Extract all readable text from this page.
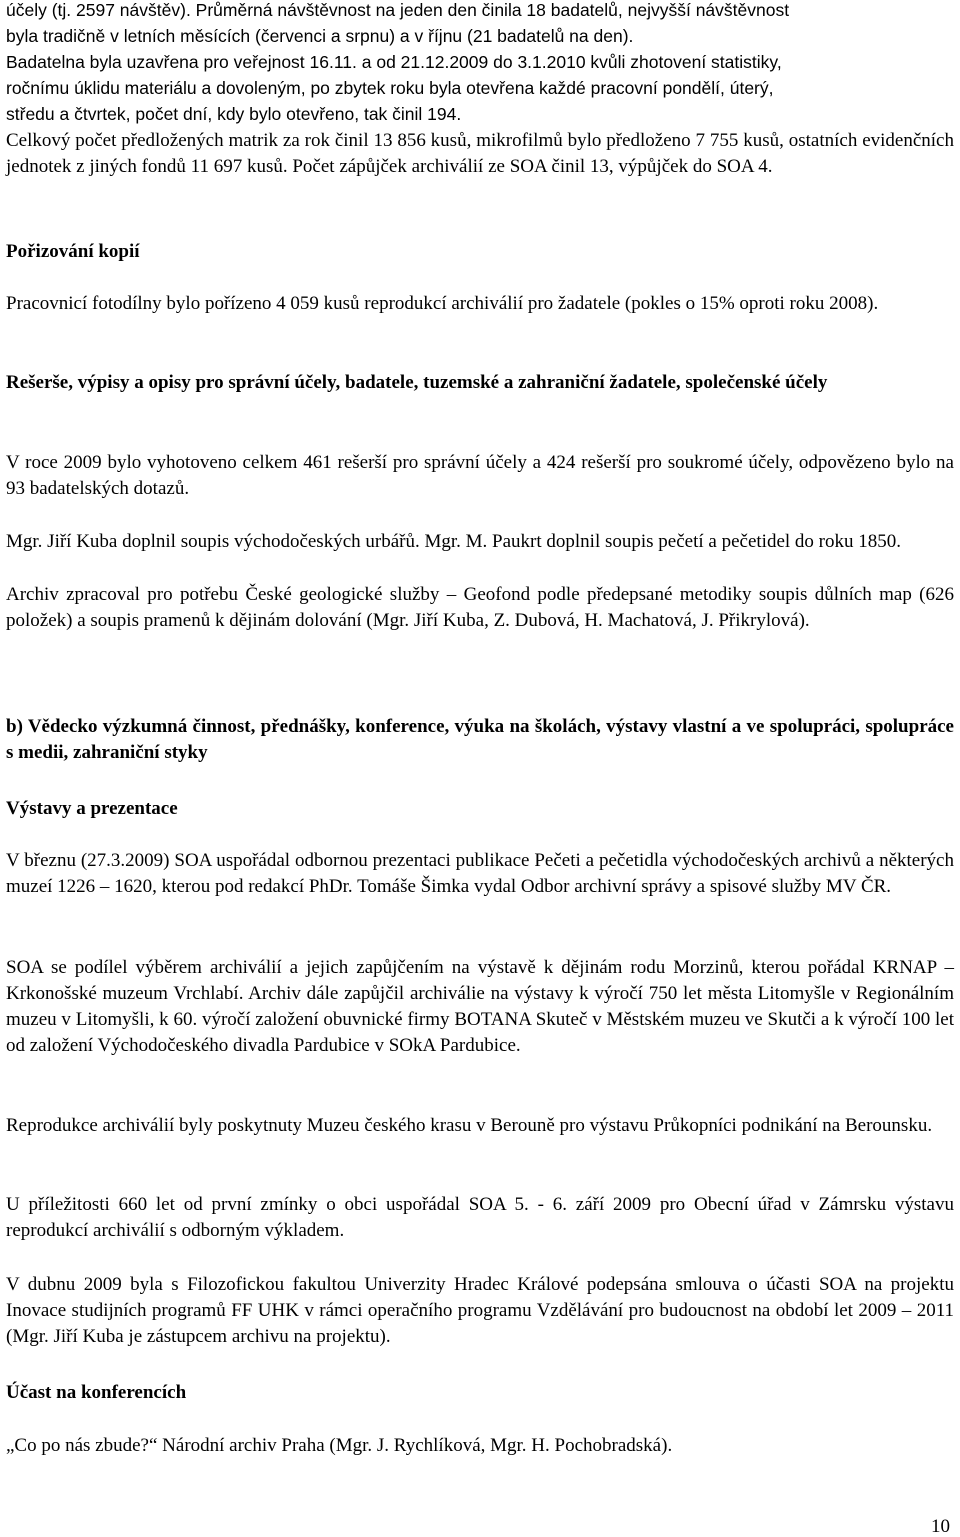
účely (tj. 2597 návštěv). Průměrná návštěvnost na jeden den činila 18 badatelů, nejvyšší návštěvnost
byla tradičně v letních měsících (červenci a srpnu) a v říjnu (21 badatelů na den).
Badatelna byla uzavřena pro veřejnost 16.11. a od 21.12.2009 do 3.1.2010 kvůli zhotovení statistiky,
ročnímu úklidu materiálu a dovoleným, po zbytek roku byla otevřena každé pracovní pondělí, úterý,
středu a čtvrtek, počet dní, kdy bylo otevřeno, tak činil 194.

Celkový počet předložených matrik za rok činil 13 856 kusů, mikrofilmů bylo předloženo 7 755 kusů, ostatních evidenčních jednotek z jiných fondů 11 697 kusů. Počet zápůjček archiválií ze SOA činil 13, výpůjček do SOA 4.

Pořizování kopií

Pracovnicí fotodílny bylo pořízeno 4 059 kusů reprodukcí archiválií pro žadatele (pokles o 15% oproti roku 2008).

Rešerše, výpisy a opisy pro správní účely, badatele, tuzemské a zahraniční žadatele, společenské účely

V roce 2009 bylo vyhotoveno celkem 461 rešerší pro správní účely a 424 rešerší pro soukromé účely, odpovězeno bylo na 93 badatelských dotazů.

Mgr. Jiří Kuba doplnil soupis východočeských urbářů. Mgr. M. Paukrt doplnil soupis pečetí a pečetidel do roku 1850.

Archiv zpracoval pro potřebu České geologické služby – Geofond podle předepsané metodiky soupis důlních map (626 položek) a soupis pramenů k dějinám dolování (Mgr. Jiří Kuba, Z. Dubová, H. Machatová, J. Přikrylová).

b) Vědecko výzkumná činnost, přednášky, konference, výuka na školách, výstavy vlastní a ve spolupráci, spolupráce s medii, zahraniční styky

Výstavy a prezentace

V březnu (27.3.2009) SOA uspořádal odbornou prezentaci publikace Pečeti a pečetidla východočeských archivů a některých muzeí 1226 – 1620, kterou pod redakcí PhDr. Tomáše Šimka vydal Odbor archivní správy a spisové služby MV ČR.

SOA se podílel výběrem archiválií a jejich zapůjčením na výstavě k dějinám rodu Morzinů, kterou pořádal KRNAP – Krkonošské muzeum Vrchlabí. Archiv dále zapůjčil archiválie na výstavy k výročí 750 let města Litomyšle v Regionálním muzeu v Litomyšli, k 60. výročí založení obuvnické firmy BOTANA Skuteč v Městském muzeu ve Skutči a k výročí 100 let od založení Východočeského divadla Pardubice v SOkA Pardubice.

Reprodukce archiválií byly poskytnuty Muzeu českého krasu v Berouně pro výstavu Průkopníci podnikání na Berounsku.

U příležitosti 660 let od první zmínky o obci uspořádal SOA 5. - 6. září 2009 pro Obecní úřad v Zámrsku výstavu reprodukcí archiválií s odborným výkladem.

V dubnu 2009 byla s Filozofickou fakultou Univerzity Hradec Králové podepsána smlouva o účasti SOA na projektu Inovace studijních programů FF UHK v rámci operačního programu Vzdělávání pro budoucnost na období let 2009 – 2011 (Mgr. Jiří Kuba je zástupcem archivu na projektu).

Účast na konferencích

„Co po nás zbude?“ Národní archiv Praha (Mgr. J. Rychlíková, Mgr. H. Pochobradská).

10
